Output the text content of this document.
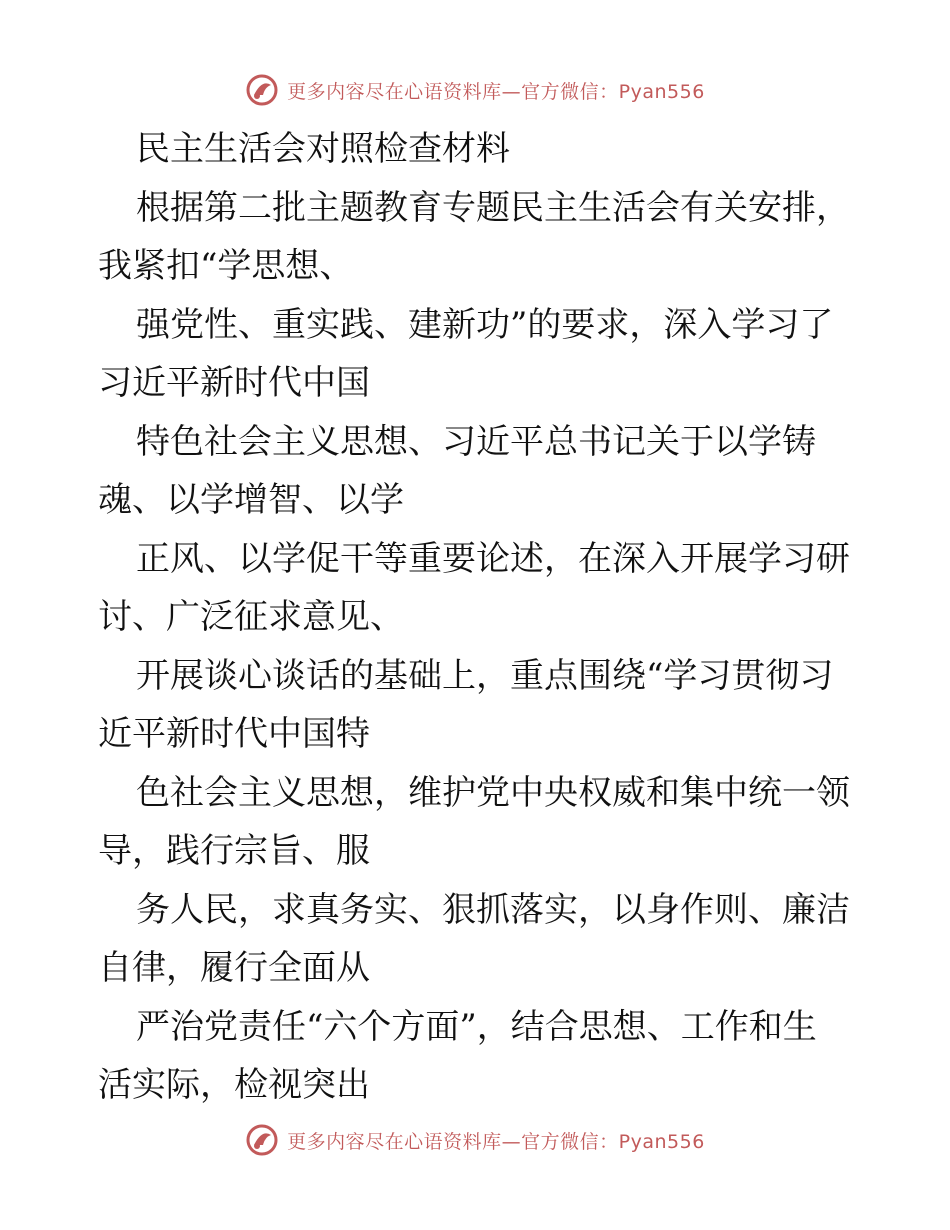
更多内容尽在心语资料库—官方微信：Pyan556
民主生活会对照检查材料
根据第二批主题教育专题民主生活会有关安排，
我紧扣“学思想、
强党性、重实践、建新功”的要求，深入学习了
习近平新时代中国
特色社会主义思想、习近平总书记关于以学铸
魂、以学增智、以学
正风、以学促干等重要论述，在深入开展学习研
讨、广泛征求意见、
开展谈心谈话的基础上，重点围绕“学习贯彻习
近平新时代中国特
色社会主义思想，维护党中央权威和集中统一领
导，践行宗旨、服
务人民，求真务实、狠抓落实，以身作则、廉洁
自律，履行全面从
严治党责任“六个方面”，结合思想、工作和生
活实际，检视突出
更多内容尽在心语资料库—官方微信：Pyan556
